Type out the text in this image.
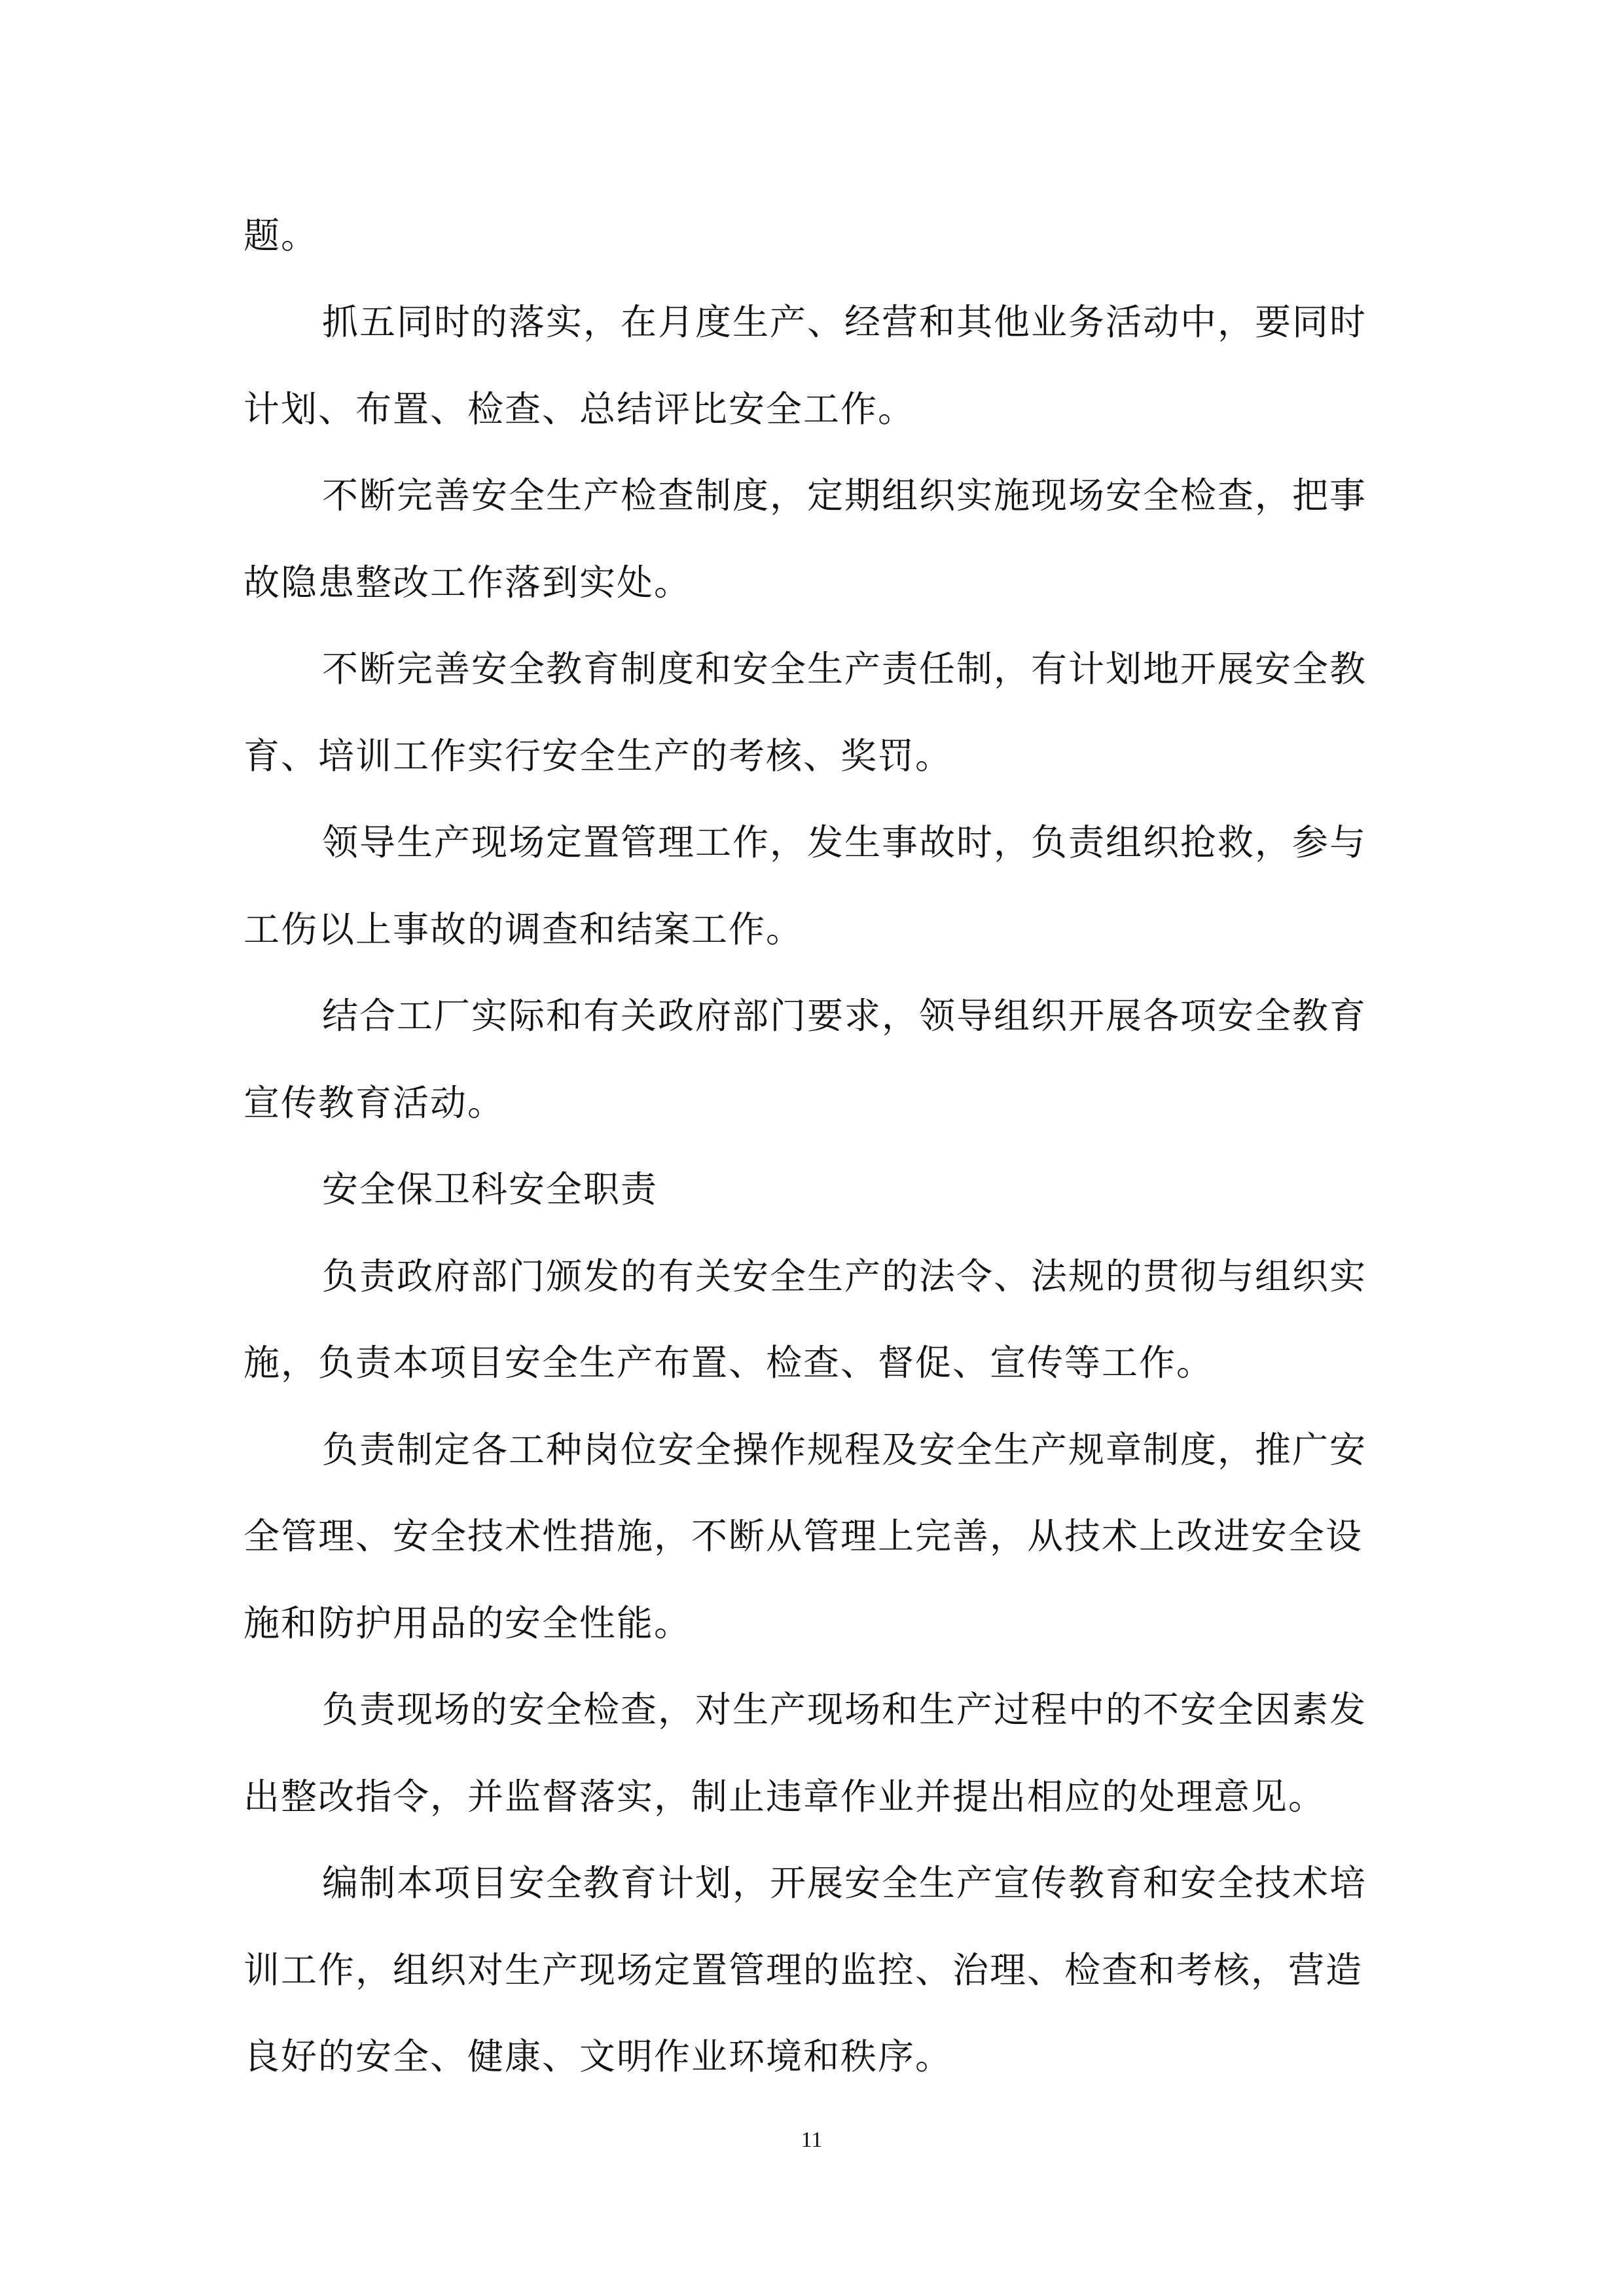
题。
抓五同时的落实，在月度生产、经营和其他业务活动中，要同时
计划、布置、检查、总结评比安全工作。
不断完善安全生产检查制度，定期组织实施现场安全检查，把事
故隐患整改工作落到实处。
不断完善安全教育制度和安全生产责任制，有计划地开展安全教
育、培训工作实行安全生产的考核、奖罚。
领导生产现场定置管理工作，发生事故时，负责组织抢救，参与
工伤以上事故的调查和结案工作。
结合工厂实际和有关政府部门要求，领导组织开展各项安全教育
宣传教育活动。
安全保卫科安全职责
负责政府部门颁发的有关安全生产的法令、法规的贯彻与组织实
施，负责本项目安全生产布置、检查、督促、宣传等工作。
负责制定各工种岗位安全操作规程及安全生产规章制度，推广安
全管理、安全技术性措施，不断从管理上完善，从技术上改进安全设
施和防护用品的安全性能。
负责现场的安全检查，对生产现场和生产过程中的不安全因素发
出整改指令，并监督落实，制止违章作业并提出相应的处理意见。
编制本项目安全教育计划，开展安全生产宣传教育和安全技术培
训工作，组织对生产现场定置管理的监控、治理、检查和考核，营造
良好的安全、健康、文明作业环境和秩序。
11
